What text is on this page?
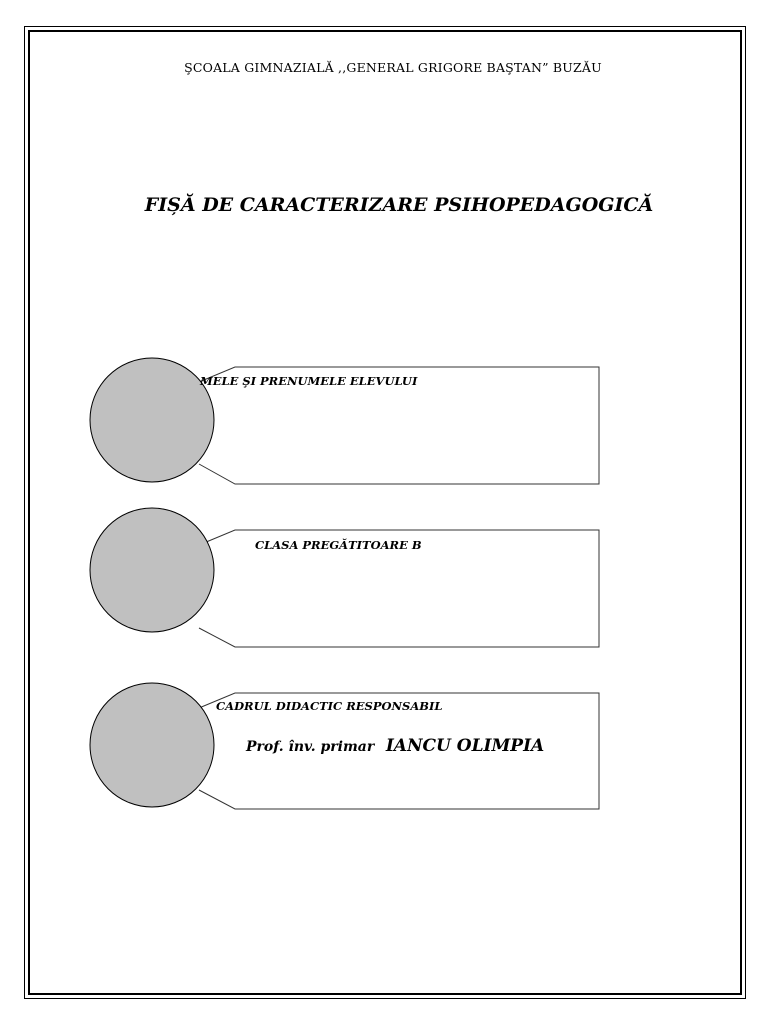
ŞCOALA GIMNAZIALĂ ,,GENERAL GRIGORE BAŞTAN” BUZĂU
FIȘĂ DE CARACTERIZARE PSIHOPEDAGOGICĂ
MELE ŞI PRENUMELE ELEVULUI
CLASA PREGĂTITOARE B
CADRUL DIDACTIC RESPONSABIL
Prof. înv. primar IANCU OLIMPIA
